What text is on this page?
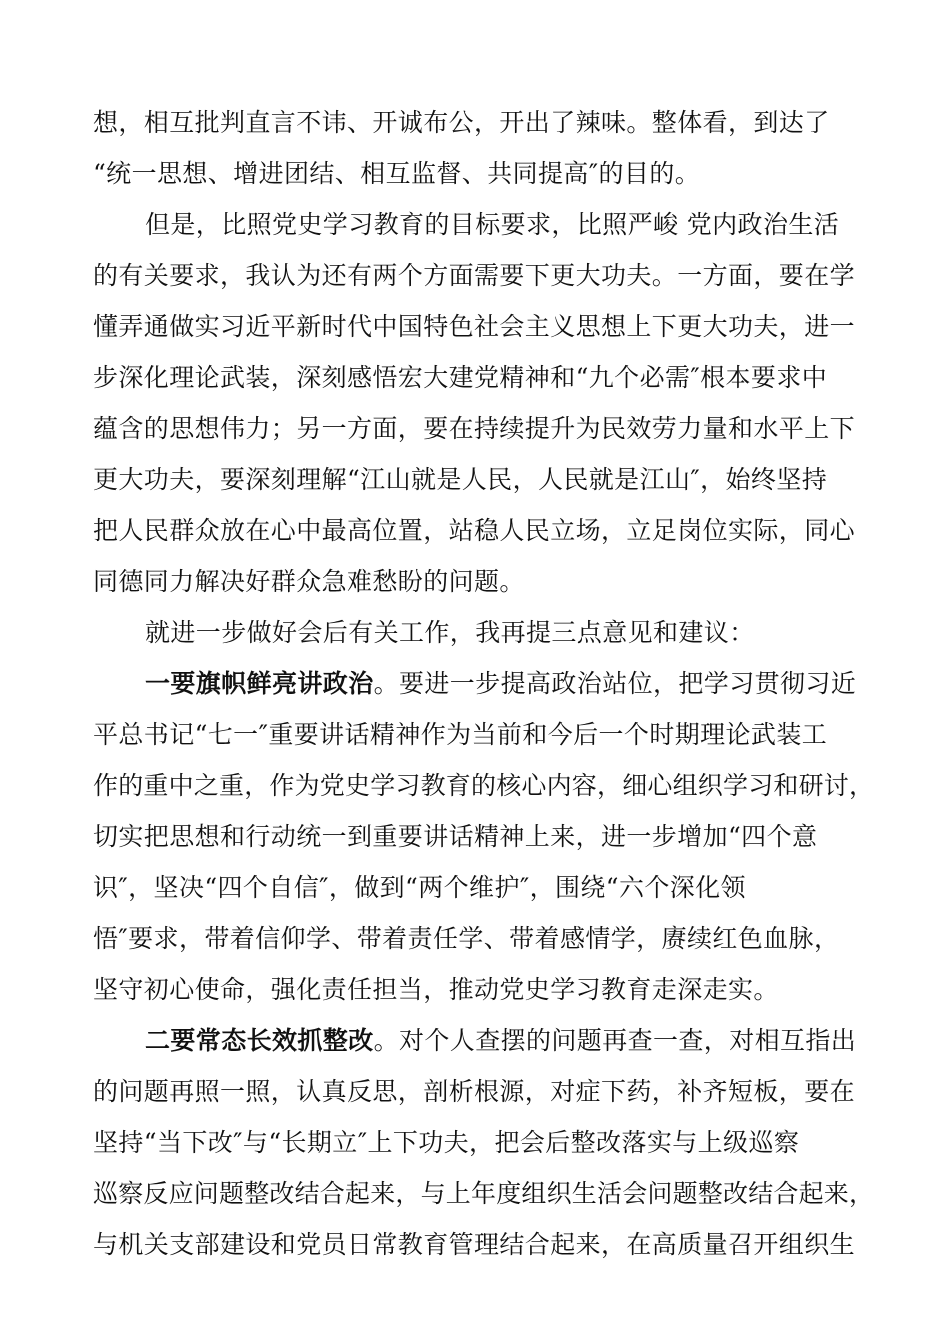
想，相互批判直言不讳、开诚布公，开出了辣味。整体看，到达了
“统一思想、增进团结、相互监督、共同提高″的目的。
但是，比照党史学习教育的目标要求，比照严峻 党内政治生活
的有关要求，我认为还有两个方面需要下更大功夫。一方面，要在学
懂弄通做实习近平新时代中国特色社会主义思想上下更大功夫，进一
步深化理论武装，深刻感悟宏大建党精神和“九个必需″根本要求中
蕴含的思想伟力；另一方面，要在持续提升为民效劳力量和水平上下
更大功夫，要深刻理解“江山就是人民，人民就是江山″，始终坚持
把人民群众放在心中最高位置，站稳人民立场，立足岗位实际，同心
同德同力解决好群众急难愁盼的问题。
就进一步做好会后有关工作，我再提三点意见和建议：
一要旗帜鲜亮讲政治。要进一步提高政治站位，把学习贯彻习近
平总书记“七一″重要讲话精神作为当前和今后一个时期理论武装工
作的重中之重，作为党史学习教育的核心内容，细心组织学习和研讨，
切实把思想和行动统一到重要讲话精神上来，进一步增加“四个意
识″，坚决“四个自信″，做到“两个维护″，围绕“六个深化领
悟″要求，带着信仰学、带着责任学、带着感情学，赓续红色血脉，
坚守初心使命，强化责任担当，推动党史学习教育走深走实。
二要常态长效抓整改。对个人查摆的问题再查一查，对相互指出
的问题再照一照，认真反思，剖析根源，对症下药，补齐短板，要在
坚持“当下改″与“长期立″上下功夫，把会后整改落实与上级巡察
巡察反应问题整改结合起来，与上年度组织生活会问题整改结合起来，
与机关支部建设和党员日常教育管理结合起来，在高质量召开组织生
